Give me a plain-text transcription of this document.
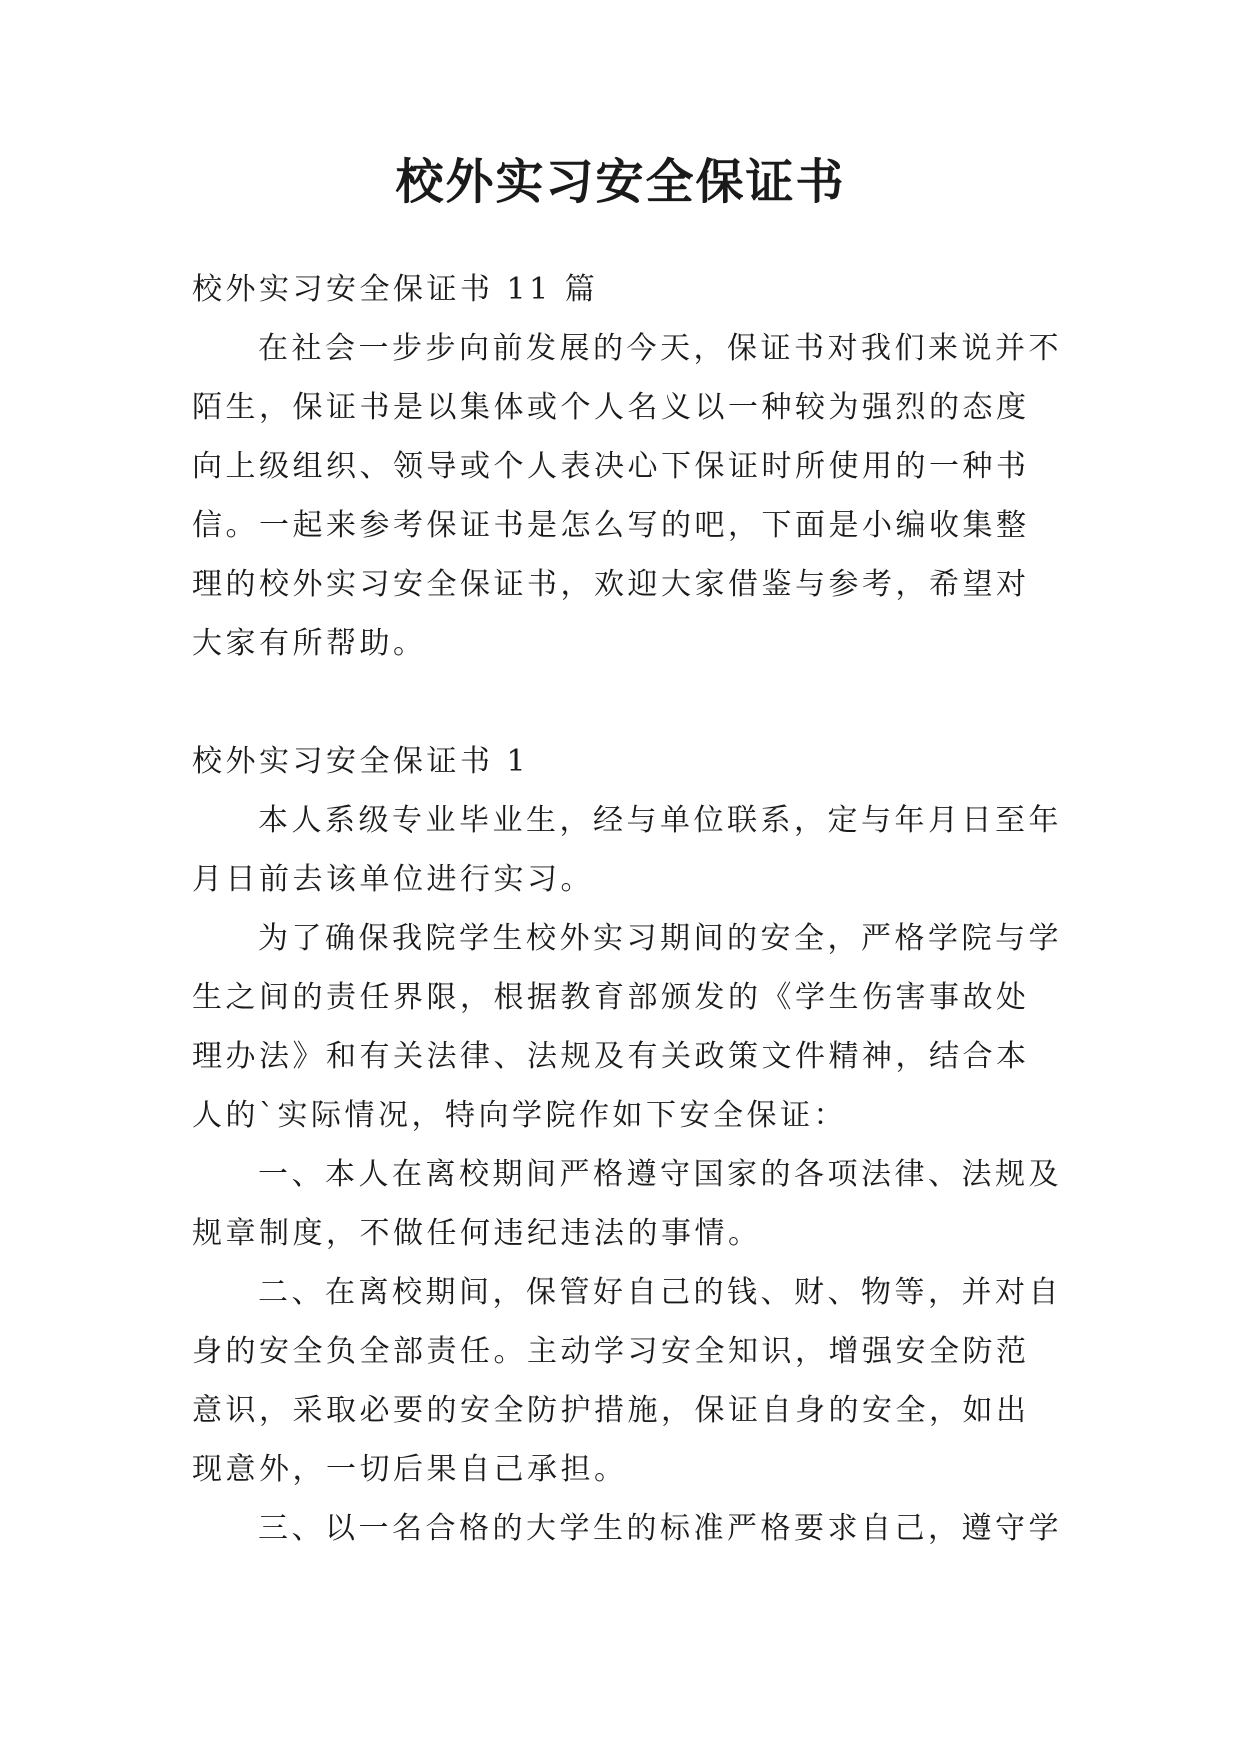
校外实习安全保证书

校外实习安全保证书 11 篇

在社会一步步向前发展的今天，保证书对我们来说并不陌生，保证书是以集体或个人名义以一种较为强烈的态度向上级组织、领导或个人表决心下保证时所使用的一种书信。一起来参考保证书是怎么写的吧，下面是小编收集整理的校外实习安全保证书，欢迎大家借鉴与参考，希望对大家有所帮助。

校外实习安全保证书 1

本人系级专业毕业生，经与单位联系，定与年月日至年月日前去该单位进行实习。

为了确保我院学生校外实习期间的安全，严格学院与学生之间的责任界限，根据教育部颁发的《学生伤害事故处理办法》和有关法律、法规及有关政策文件精神，结合本人的`实际情况，特向学院作如下安全保证：

一、本人在离校期间严格遵守国家的各项法律、法规及规章制度，不做任何违纪违法的事情。

二、在离校期间，保管好自己的钱、财、物等，并对自身的安全负全部责任。主动学习安全知识，增强安全防范意识，采取必要的安全防护措施，保证自身的安全，如出现意外，一切后果自己承担。

三、以一名合格的大学生的标准严格要求自己，遵守学
